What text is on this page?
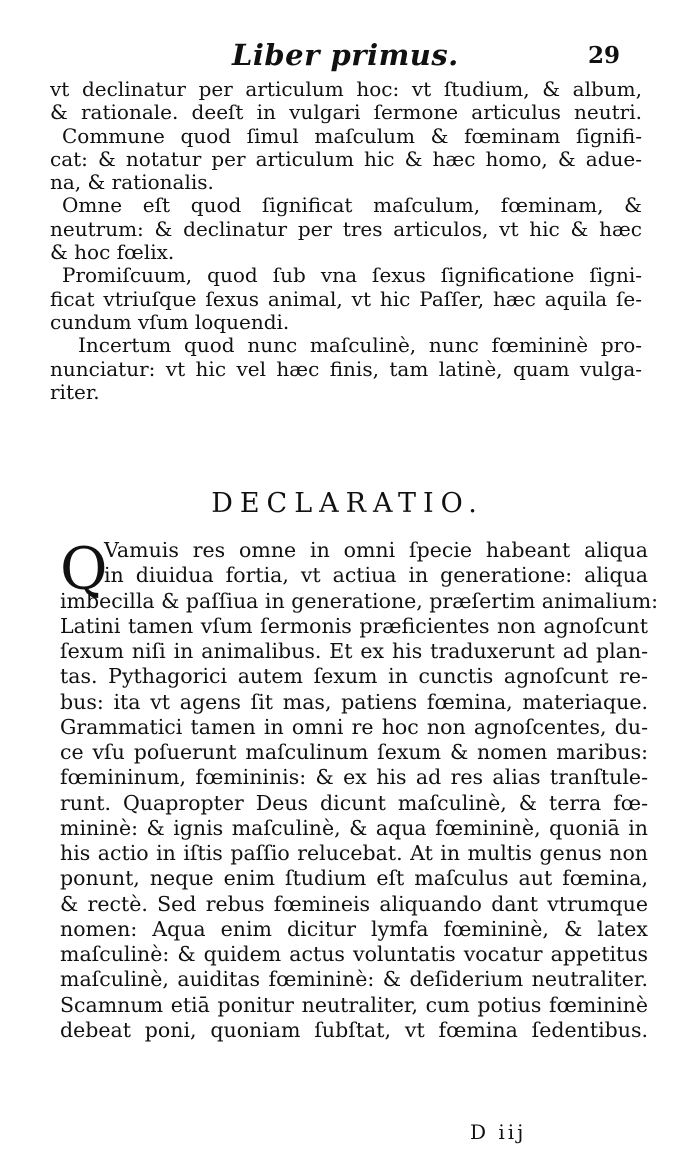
Liber primus.	29
vt declinatur per articulum hoc: vt ſtudium, & album,
& rationale. deeſt in vulgari ſermone articulus neutri.
Commune quod ſimul maſculum & fœminam ſignifi-
cat: & notatur per articulum hic & hæc homo, & adue-
na, & rationalis.
Omne eſt quod ſignificat maſculum, fœminam, &
neutrum: & declinatur per tres articulos, vt hic & hæc
& hoc fœlix.
Promiſcuum, quod ſub vna ſexus ſignificatione ſigni-
ficat vtriuſque ſexus animal, vt hic Paſſer, hæc aquila ſe-
cundum vſum loquendi.
Incertum quod nunc maſculinè, nunc fœmininè pro-
nunciatur: vt hic vel hæc finis, tam latinè, quam vulga-
riter.
DECLARATIO.
Q
Vamuis res omne in omni ſpecie habeant aliqua
in diuidua fortia, vt actiua in generatione: aliqua
imbecilla & paſſiua in generatione, præſertim animalium:
Latini tamen vſum ſermonis præficientes non agnoſcunt
ſexum niſi in animalibus. Et ex his traduxerunt ad plan-
tas. Pythagorici autem ſexum in cunctis agnoſcunt re-
bus: ita vt agens ſit mas, patiens fœmina, materiaque.
Grammatici tamen in omni re hoc non agnoſcentes, du-
ce vſu poſuerunt maſculinum ſexum & nomen maribus:
fœmininum, fœmininis: & ex his ad res alias tranſtule-
runt. Quapropter Deus dicunt maſculinè, & terra fœ-
mininè: & ignis maſculinè, & aqua fœmininè, quoniā in
his actio in iſtis paſſio relucebat. At in multis genus non
ponunt, neque enim ſtudium eſt maſculus aut fœmina,
& rectè. Sed rebus fœmineis aliquando dant vtrumque
nomen: Aqua enim dicitur lymfa fœmininè, & latex
maſculinè: & quidem actus voluntatis vocatur appetitus
maſculinè, auiditas fœmininè: & deſiderium neutraliter.
Scamnum etiā ponitur neutraliter, cum potius fœmininè
debeat poni, quoniam ſubſtat, vt fœmina ſedentibus.
D iij
